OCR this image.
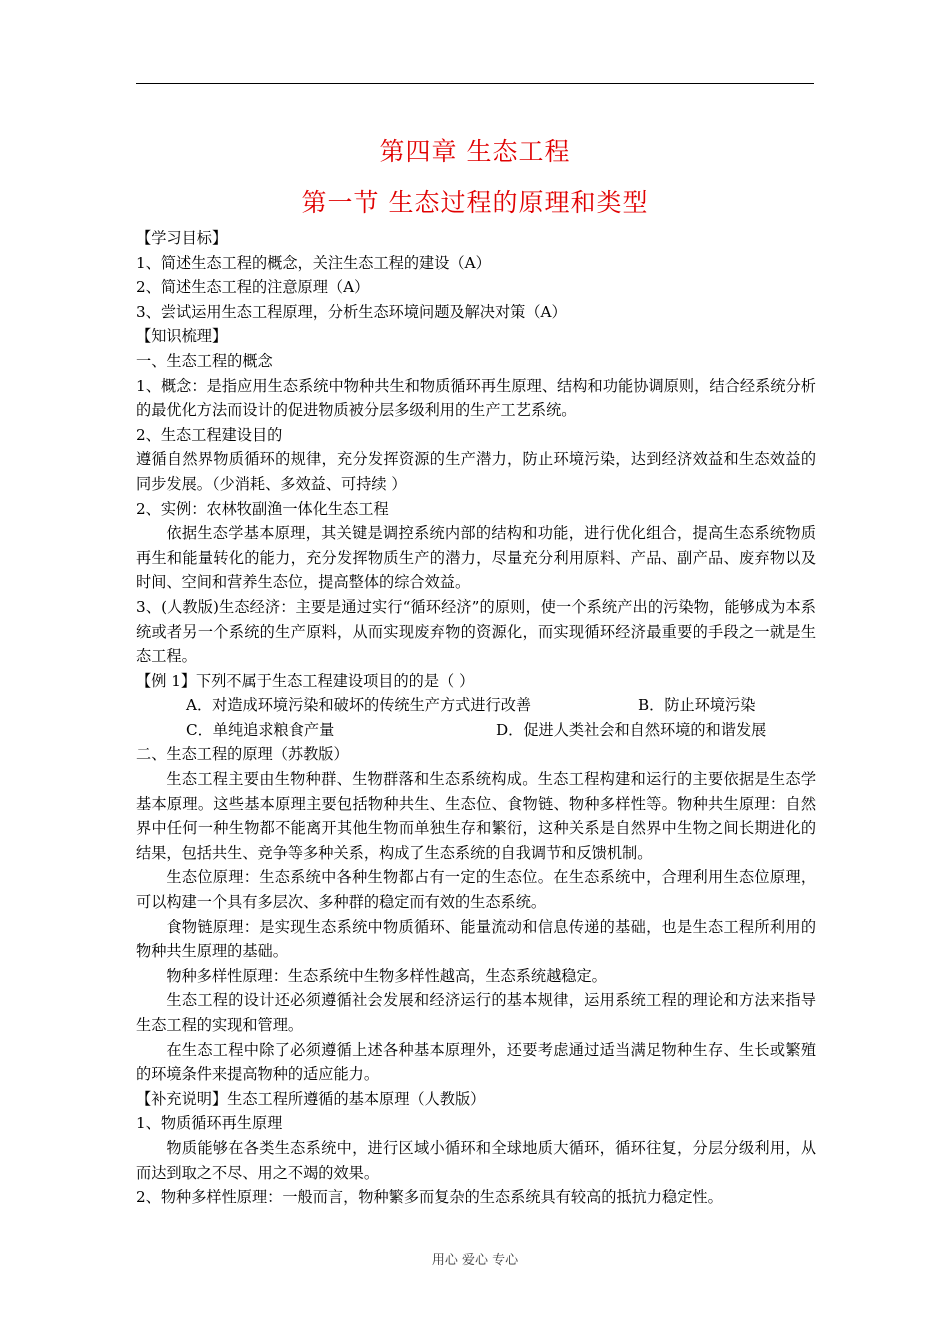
第四章 生态工程
第一节 生态过程的原理和类型

【学习目标】

1、简述生态工程的概念，关注生态工程的建设（A）

2、简述生态工程的注意原理（A）

3、尝试运用生态工程原理，分析生态环境问题及解决对策（A）

【知识梳理】

一、生态工程的概念

1、概念：是指应用生态系统中物种共生和物质循环再生原理、结构和功能协调原则，结合经系统分析的最优化方法而设计的促进物质被分层多级利用的生产工艺系统。

2、生态工程建设目的

遵循自然界物质循环的规律，充分发挥资源的生产潜力，防止环境污染，达到经济效益和生态效益的同步发展。（少消耗、多效益、可持续 ）

2、实例：农林牧副渔一体化生态工程

依据生态学基本原理，其关键是调控系统内部的结构和功能，进行优化组合，提高生态系统物质再生和能量转化的能力，充分发挥物质生产的潜力，尽量充分利用原料、产品、副产品、废弃物以及时间、空间和营养生态位，提高整体的综合效益。

3、(人教版)生态经济：主要是通过实行“循环经济”的原则，使一个系统产出的污染物，能够成为本系统或者另一个系统的生产原料，从而实现废弃物的资源化，而实现循环经济最重要的手段之一就是生态工程。

【例 1】下列不属于生态工程建设项目的的是（ ）

A．对造成环境污染和破坏的传统生产方式进行改善	B．防止环境污染
C．单纯追求粮食产量	D．促进人类社会和自然环境的和谐发展

二、生态工程的原理（苏教版）

生态工程主要由生物种群、生物群落和生态系统构成。生态工程构建和运行的主要依据是生态学基本原理。这些基本原理主要包括物种共生、生态位、食物链、物种多样性等。物种共生原理：自然界中任何一种生物都不能离开其他生物而单独生存和繁衍，这种关系是自然界中生物之间长期进化的结果，包括共生、竞争等多种关系，构成了生态系统的自我调节和反馈机制。

生态位原理：生态系统中各种生物都占有一定的生态位。在生态系统中，合理利用生态位原理，可以构建一个具有多层次、多种群的稳定而有效的生态系统。

食物链原理：是实现生态系统中物质循环、能量流动和信息传递的基础，也是生态工程所利用的物种共生原理的基础。

物种多样性原理：生态系统中生物多样性越高，生态系统越稳定。

生态工程的设计还必须遵循社会发展和经济运行的基本规律，运用系统工程的理论和方法来指导生态工程的实现和管理。

在生态工程中除了必须遵循上述各种基本原理外，还要考虑通过适当满足物种生存、生长或繁殖的环境条件来提高物种的适应能力。

【补充说明】生态工程所遵循的基本原理（人教版）

1、物质循环再生原理

物质能够在各类生态系统中，进行区域小循环和全球地质大循环，循环往复，分层分级利用，从而达到取之不尽、用之不竭的效果。

2、物种多样性原理：一般而言，物种繁多而复杂的生态系统具有较高的抵抗力稳定性。

用心 爱心 专心
